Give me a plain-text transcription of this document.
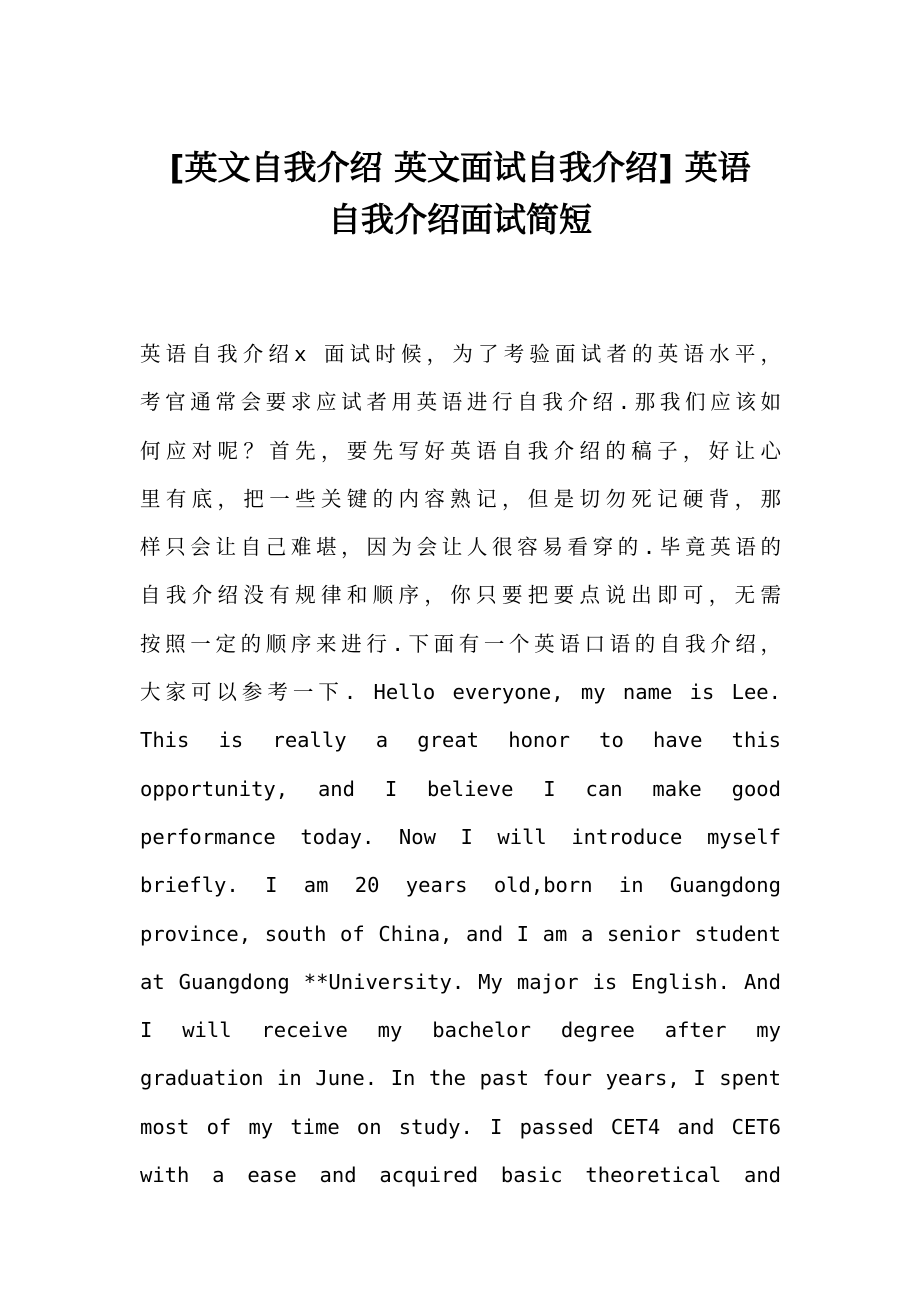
[英文自我介绍 英文面试自我介绍] 英语
自我介绍面试简短
英语自我介绍x 面试时候，为了考验面试者的英语水平，
考官通常会要求应试者用英语进行自我介绍.那我们应该如
何应对呢？首先，要先写好英语自我介绍的稿子，好让心
里有底，把一些关键的内容熟记，但是切勿死记硬背，那
样只会让自己难堪，因为会让人很容易看穿的.毕竟英语的
自我介绍没有规律和顺序，你只要把要点说出即可，无需
按照一定的顺序来进行.下面有一个英语口语的自我介绍，
大家可以参考一下. Hello everyone, my name is Lee.
This is really a great honor to have this
opportunity, and I believe I can make good
performance today. Now I will introduce myself
briefly. I am 20 years old,born in Guangdong
province, south of China, and I am a senior student
at Guangdong **University. My major is English. And
I will receive my bachelor degree after my
graduation in June. In the past four years, I spent
most of my time on study. I passed CET4 and CET6
with a ease and acquired basic theoretical and
